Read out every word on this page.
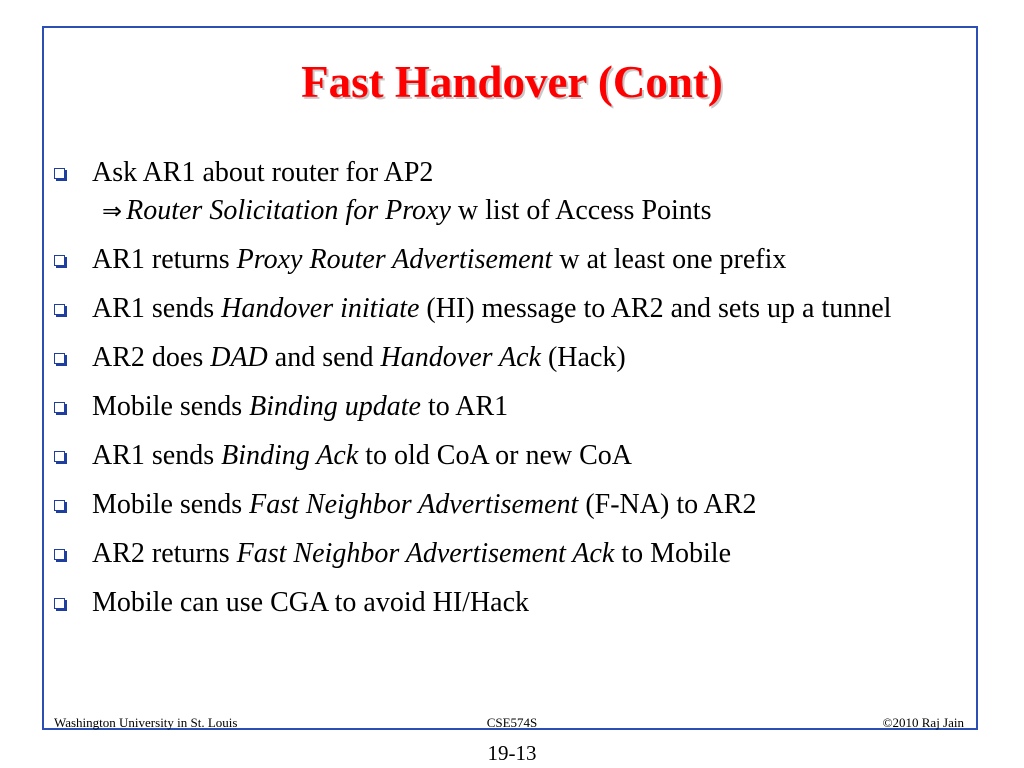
Fast Handover (Cont)
Ask AR1 about router for AP2
⇒ Router Solicitation for Proxy w list of Access Points
AR1 returns Proxy Router Advertisement w at least one prefix
AR1 sends Handover initiate (HI) message to AR2 and sets up a tunnel
AR2 does DAD and send Handover Ack (Hack)
Mobile sends Binding update to AR1
AR1 sends Binding Ack to old CoA or new CoA
Mobile sends Fast Neighbor Advertisement (F-NA) to AR2
AR2 returns Fast Neighbor Advertisement Ack to Mobile
Mobile can use CGA to avoid HI/Hack
Washington University in St. Louis	CSE574S	©2010 Raj Jain
19-13
